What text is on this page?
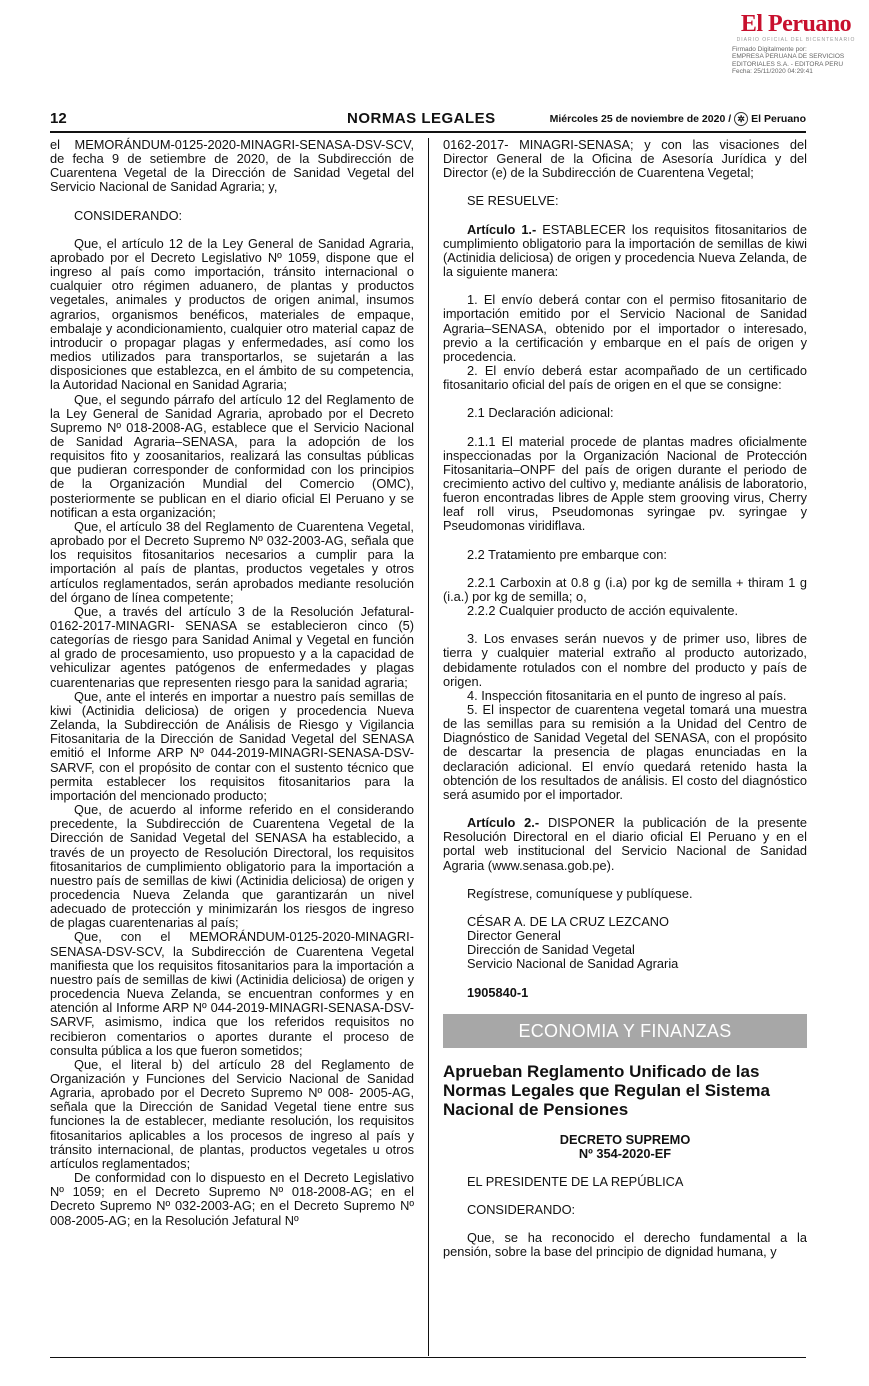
El Peruano
DIARIO OFICIAL DEL BICENTENARIO
Firmado Digitalmente por:
EMPRESA PERUANA DE SERVICIOS
EDITORIALES S.A. - EDITORA PERU
Fecha: 25/11/2020 04:29:41
12	NORMAS LEGALES	Miércoles 25 de noviembre de 2020 / ✲ El Peruano

el MEMORÁNDUM-0125-2020-MINAGRI-SENASA-DSV-SCV, de fecha 9 de setiembre de 2020, de la Subdirección de Cuarentena Vegetal de la Dirección de Sanidad Vegetal del Servicio Nacional de Sanidad Agraria; y,

CONSIDERANDO:

Que, el artículo 12 de la Ley General de Sanidad Agraria, aprobado por el Decreto Legislativo Nº 1059, dispone que el ingreso al país como importación, tránsito internacional o cualquier otro régimen aduanero, de plantas y productos vegetales, animales y productos de origen animal, insumos agrarios, organismos benéficos, materiales de empaque, embalaje y acondicionamiento, cualquier otro material capaz de introducir o propagar plagas y enfermedades, así como los medios utilizados para transportarlos, se sujetarán a las disposiciones que establezca, en el ámbito de su competencia, la Autoridad Nacional en Sanidad Agraria;

Que, el segundo párrafo del artículo 12 del Reglamento de la Ley General de Sanidad Agraria, aprobado por el Decreto Supremo Nº 018-2008-AG, establece que el Servicio Nacional de Sanidad Agraria–SENASA, para la adopción de los requisitos fito y zoosanitarios, realizará las consultas públicas que pudieran corresponder de conformidad con los principios de la Organización Mundial del Comercio (OMC), posteriormente se publican en el diario oficial El Peruano y se notifican a esta organización;

Que, el artículo 38 del Reglamento de Cuarentena Vegetal, aprobado por el Decreto Supremo Nº 032-2003-AG, señala que los requisitos fitosanitarios necesarios a cumplir para la importación al país de plantas, productos vegetales y otros artículos reglamentados, serán aprobados mediante resolución del órgano de línea competente;

Que, a través del artículo 3 de la Resolución Jefatural-0162-2017-MINAGRI- SENASA se establecieron cinco (5) categorías de riesgo para Sanidad Animal y Vegetal en función al grado de procesamiento, uso propuesto y a la capacidad de vehiculizar agentes patógenos de enfermedades y plagas cuarentenarias que representen riesgo para la sanidad agraria;

Que, ante el interés en importar a nuestro país semillas de kiwi (Actinidia deliciosa) de origen y procedencia Nueva Zelanda, la Subdirección de Análisis de Riesgo y Vigilancia Fitosanitaria de la Dirección de Sanidad Vegetal del SENASA emitió el Informe ARP Nº 044-2019-MINAGRI-SENASA-DSV-SARVF, con el propósito de contar con el sustento técnico que permita establecer los requisitos fitosanitarios para la importación del mencionado producto;

Que, de acuerdo al informe referido en el considerando precedente, la Subdirección de Cuarentena Vegetal de la Dirección de Sanidad Vegetal del SENASA ha establecido, a través de un proyecto de Resolución Directoral, los requisitos fitosanitarios de cumplimiento obligatorio para la importación a nuestro país de semillas de kiwi (Actinidia deliciosa) de origen y procedencia Nueva Zelanda que garantizarán un nivel adecuado de protección y minimizarán los riesgos de ingreso de plagas cuarentenarias al país;

Que, con el MEMORÁNDUM-0125-2020-MINAGRI-SENASA-DSV-SCV, la Subdirección de Cuarentena Vegetal manifiesta que los requisitos fitosanitarios para la importación a nuestro país de semillas de kiwi (Actinidia deliciosa) de origen y procedencia Nueva Zelanda, se encuentran conformes y en atención al Informe ARP Nº 044-2019-MINAGRI-SENASA-DSV-SARVF, asimismo, indica que los referidos requisitos no recibieron comentarios o aportes durante el proceso de consulta pública a los que fueron sometidos;

Que, el literal b) del artículo 28 del Reglamento de Organización y Funciones del Servicio Nacional de Sanidad Agraria, aprobado por el Decreto Supremo Nº 008- 2005-AG, señala que la Dirección de Sanidad Vegetal tiene entre sus funciones la de establecer, mediante resolución, los requisitos fitosanitarios aplicables a los procesos de ingreso al país y tránsito internacional, de plantas, productos vegetales u otros artículos reglamentados;

De conformidad con lo dispuesto en el Decreto Legislativo Nº 1059; en el Decreto Supremo Nº 018-2008-AG; en el Decreto Supremo Nº 032-2003-AG; en el Decreto Supremo Nº 008-2005-AG; en la Resolución Jefatural Nº

0162-2017- MINAGRI-SENASA; y con las visaciones del Director General de la Oficina de Asesoría Jurídica y del Director (e) de la Subdirección de Cuarentena Vegetal;

SE RESUELVE:

Artículo 1.- ESTABLECER los requisitos fitosanitarios de cumplimiento obligatorio para la importación de semillas de kiwi (Actinidia deliciosa) de origen y procedencia Nueva Zelanda, de la siguiente manera:

1. El envío deberá contar con el permiso fitosanitario de importación emitido por el Servicio Nacional de Sanidad Agraria–SENASA, obtenido por el importador o interesado, previo a la certificación y embarque en el país de origen y procedencia.

2. El envío deberá estar acompañado de un certificado fitosanitario oficial del país de origen en el que se consigne:

2.1 Declaración adicional:

2.1.1 El material procede de plantas madres oficialmente inspeccionadas por la Organización Nacional de Protección Fitosanitaria–ONPF del país de origen durante el periodo de crecimiento activo del cultivo y, mediante análisis de laboratorio, fueron encontradas libres de Apple stem grooving virus, Cherry leaf roll virus, Pseudomonas syringae pv. syringae y Pseudomonas viridiflava.

2.2 Tratamiento pre embarque con:

2.2.1 Carboxin at 0.8 g (i.a) por kg de semilla + thiram 1 g (i.a.) por kg de semilla; o,

2.2.2 Cualquier producto de acción equivalente.

3. Los envases serán nuevos y de primer uso, libres de tierra y cualquier material extraño al producto autorizado, debidamente rotulados con el nombre del producto y país de origen.

4. Inspección fitosanitaria en el punto de ingreso al país.

5. El inspector de cuarentena vegetal tomará una muestra de las semillas para su remisión a la Unidad del Centro de Diagnóstico de Sanidad Vegetal del SENASA, con el propósito de descartar la presencia de plagas enunciadas en la declaración adicional. El envío quedará retenido hasta la obtención de los resultados de análisis. El costo del diagnóstico será asumido por el importador.

Artículo 2.- DISPONER la publicación de la presente Resolución Directoral en el diario oficial El Peruano y en el portal web institucional del Servicio Nacional de Sanidad Agraria (www.senasa.gob.pe).

Regístrese, comuníquese y publíquese.

CÉSAR A. DE LA CRUZ LEZCANO

Director General

Dirección de Sanidad Vegetal

Servicio Nacional de Sanidad Agraria

1905840-1

ECONOMIA Y FINANZAS
Aprueban Reglamento Unificado de las Normas Legales que Regulan el Sistema Nacional de Pensiones

DECRETO SUPREMO

Nº 354-2020-EF

EL PRESIDENTE DE LA REPÚBLICA

CONSIDERANDO:

Que, se ha reconocido el derecho fundamental a la pensión, sobre la base del principio de dignidad humana, y
